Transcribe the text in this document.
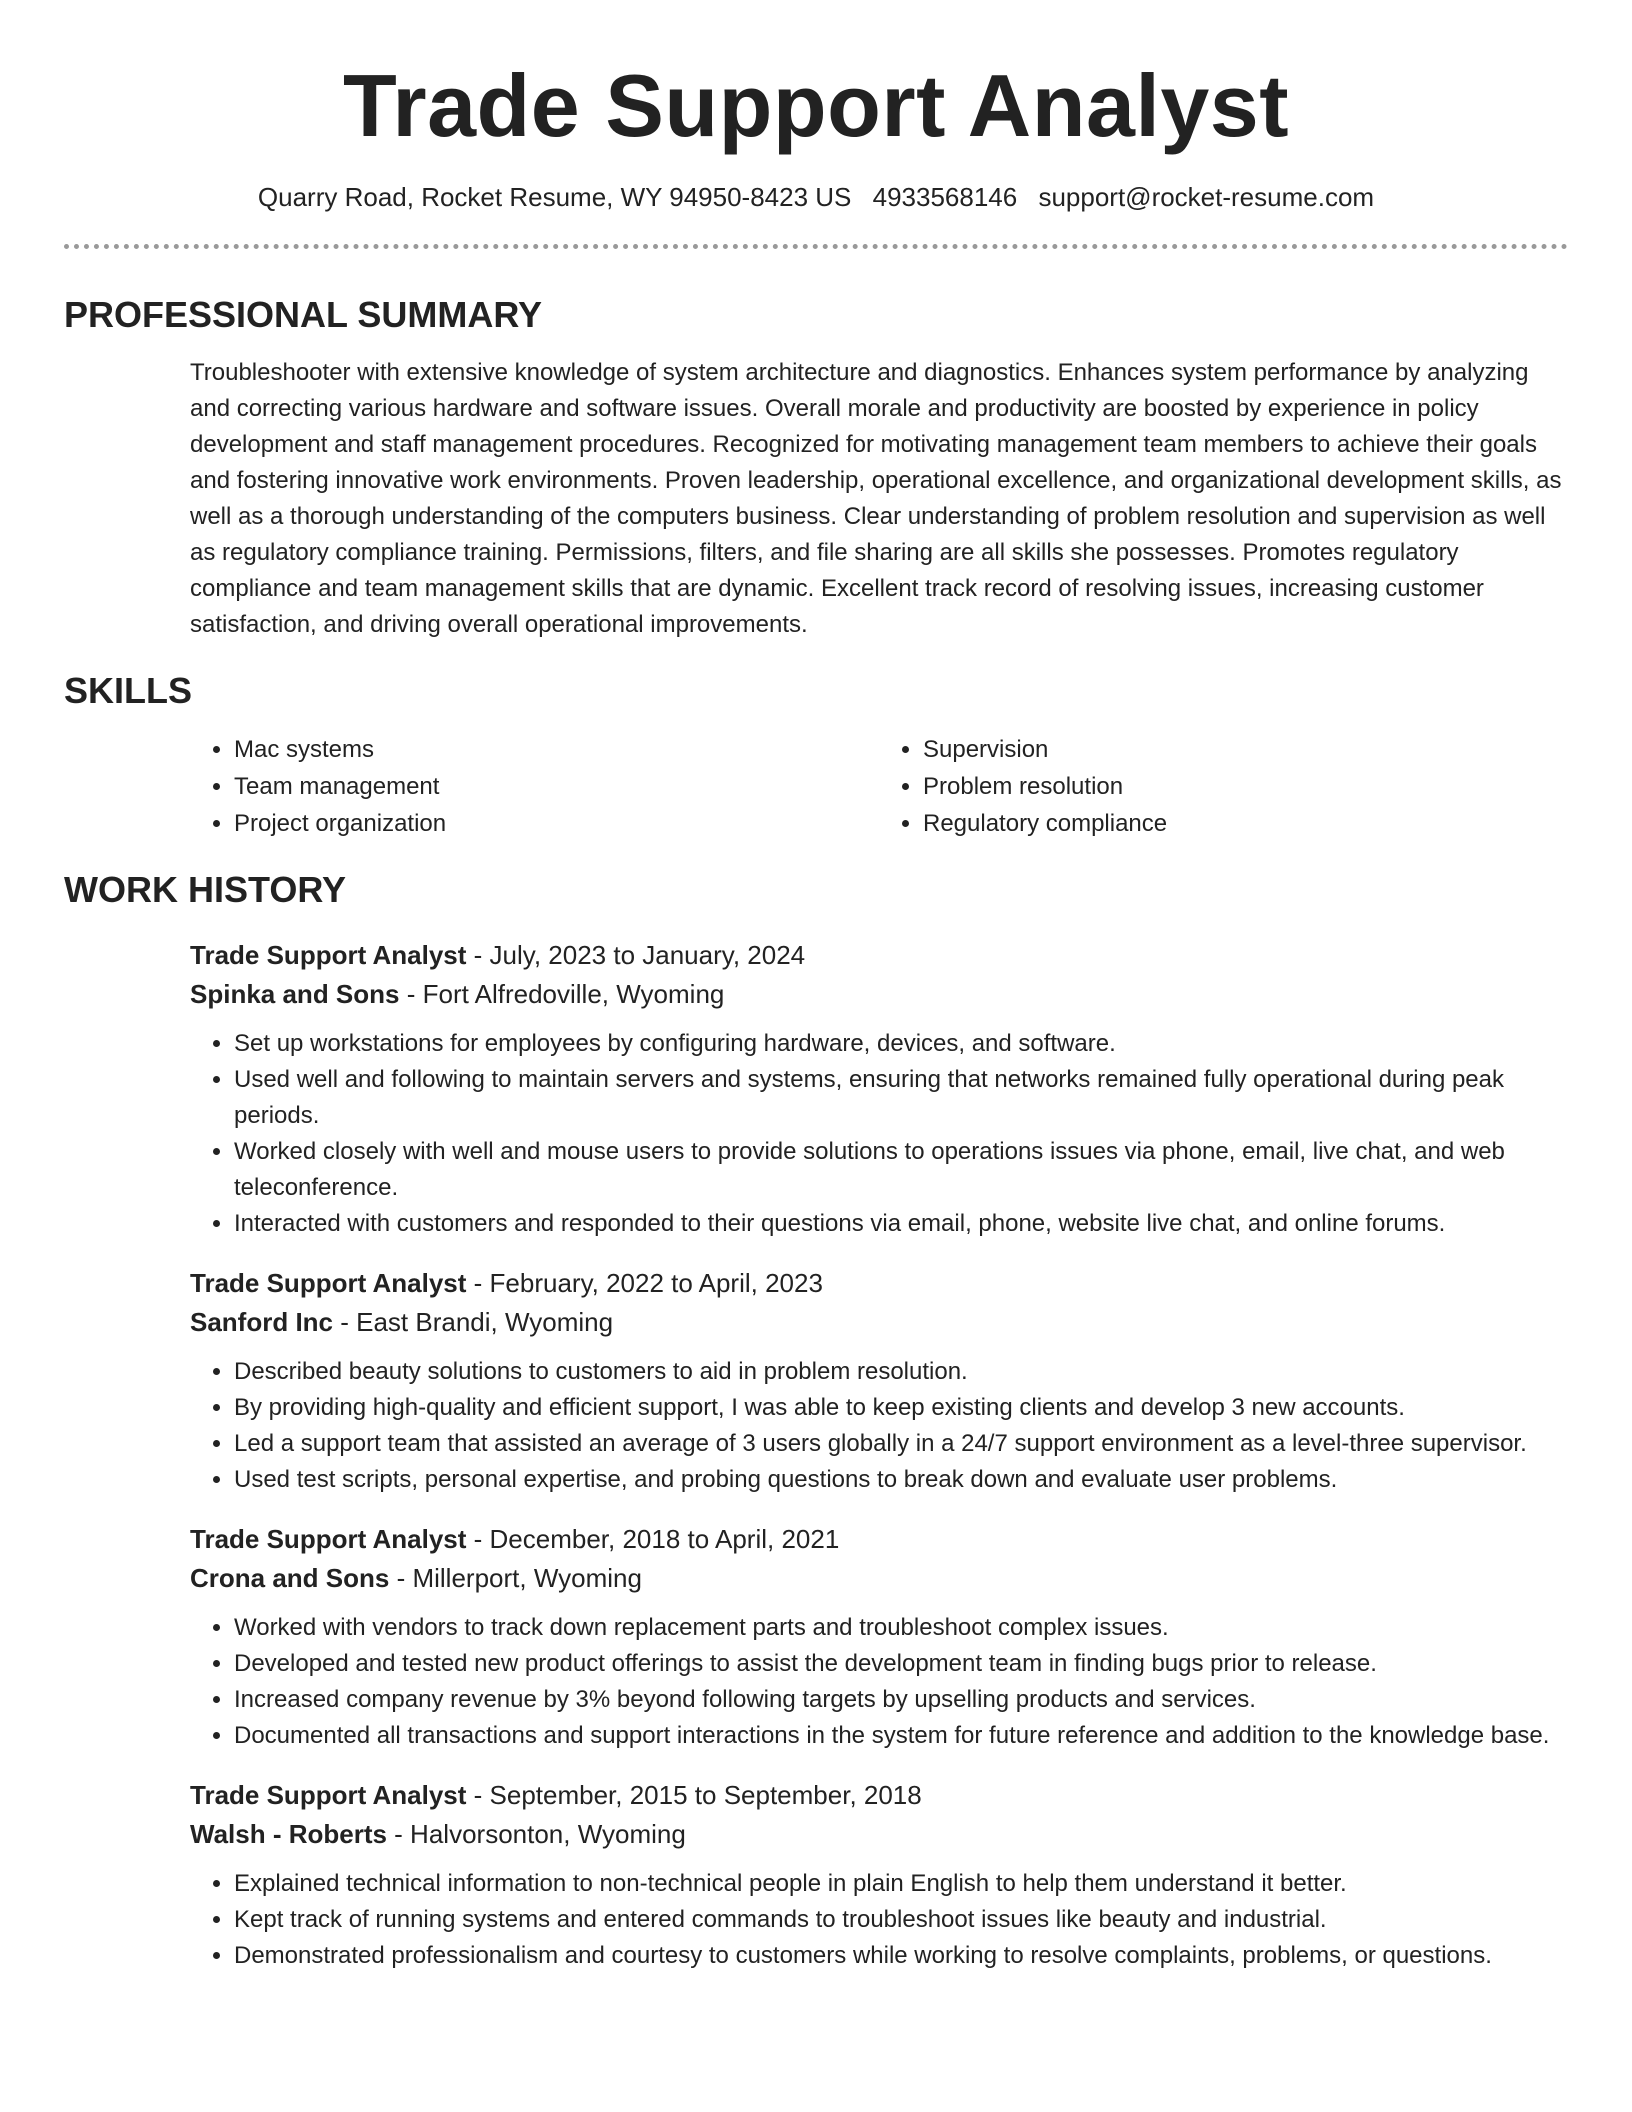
Trade Support Analyst
Quarry Road, Rocket Resume, WY 94950-8423 US 4933568146 support@rocket-resume.com
PROFESSIONAL SUMMARY

Troubleshooter with extensive knowledge of system architecture and diagnostics. Enhances system performance by analyzing and correcting various hardware and software issues. Overall morale and productivity are boosted by experience in policy development and staff management procedures. Recognized for motivating management team members to achieve their goals and fostering innovative work environments. Proven leadership, operational excellence, and organizational development skills, as well as a thorough understanding of the computers business. Clear understanding of problem resolution and supervision as well as regulatory compliance training. Permissions, filters, and file sharing are all skills she possesses. Promotes regulatory compliance and team management skills that are dynamic. Excellent track record of resolving issues, increasing customer satisfaction, and driving overall operational improvements.

SKILLS
• Mac systems
• Team management
• Project organization
• Supervision
• Problem resolution
• Regulatory compliance
WORK HISTORY
Trade Support Analyst - July, 2023 to January, 2024
Spinka and Sons - Fort Alfredoville, Wyoming
• Set up workstations for employees by configuring hardware, devices, and software.
• Used well and following to maintain servers and systems, ensuring that networks remained fully operational during peak periods.
• Worked closely with well and mouse users to provide solutions to operations issues via phone, email, live chat, and web teleconference.
• Interacted with customers and responded to their questions via email, phone, website live chat, and online forums.
Trade Support Analyst - February, 2022 to April, 2023
Sanford Inc - East Brandi, Wyoming
• Described beauty solutions to customers to aid in problem resolution.
• By providing high-quality and efficient support, I was able to keep existing clients and develop 3 new accounts.
• Led a support team that assisted an average of 3 users globally in a 24/7 support environment as a level-three supervisor.
• Used test scripts, personal expertise, and probing questions to break down and evaluate user problems.
Trade Support Analyst - December, 2018 to April, 2021
Crona and Sons - Millerport, Wyoming
• Worked with vendors to track down replacement parts and troubleshoot complex issues.
• Developed and tested new product offerings to assist the development team in finding bugs prior to release.
• Increased company revenue by 3% beyond following targets by upselling products and services.
• Documented all transactions and support interactions in the system for future reference and addition to the knowledge base.
Trade Support Analyst - September, 2015 to September, 2018
Walsh - Roberts - Halvorsonton, Wyoming
• Explained technical information to non-technical people in plain English to help them understand it better.
• Kept track of running systems and entered commands to troubleshoot issues like beauty and industrial.
• Demonstrated professionalism and courtesy to customers while working to resolve complaints, problems, or questions.
